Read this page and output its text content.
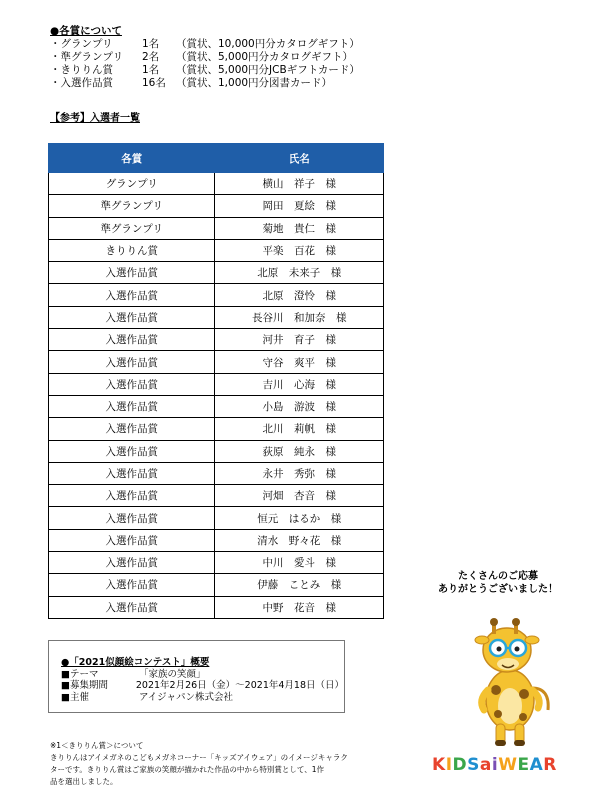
●各賞について
・グランプリ	1名	（賞状、10,000円分カタログギフト）
・準グランプリ	2名	（賞状、5,000円分カタログギフト）
・きりりん賞	1名	（賞状、5,000円分JCBギフトカード）
・入選作品賞	16名 （賞状、1,000円分図書カード）
【参考】入選者一覧
各賞	氏名
グランプリ	横山　祥子　様
準グランプリ	岡田　夏絵　様
準グランプリ	菊地　貴仁　様
きりりん賞	平楽　百花　様
入選作品賞	北原　未来子　様
入選作品賞	北原　澄怜　様
入選作品賞	長谷川　和加奈　様
入選作品賞	河井　育子　様
入選作品賞	守谷　爽平　様
入選作品賞	吉川　心海　様
入選作品賞	小島　游波　様
入選作品賞	北川　莉帆　様
入選作品賞	荻原　純永　様
入選作品賞	永井　秀弥　様
入選作品賞	河畑　杏音　様
入選作品賞	恒元　はるか　様
入選作品賞	清水　野々花　様
入選作品賞	中川　愛斗　様
入選作品賞	伊藤　ことみ　様
入選作品賞	中野　花音　様
たくさんのご応募
ありがとうございました！
●「2021似顔絵コンテスト」概要
■テーマ	「家族の笑顔」
■募集期間	2021年2月26日（金）～2021年4月18日（日）
■主催	アイジャパン株式会社
※1＜きりりん賞＞について
きりりんはアイメガネのこどもメガネコーナー「キッズアイウェア」のイメージキャラク
ターです。きりりん賞はご家族の笑顔が描かれた作品の中から特別賞として、1作
品を選出しました。
KIDSaiWEAR
